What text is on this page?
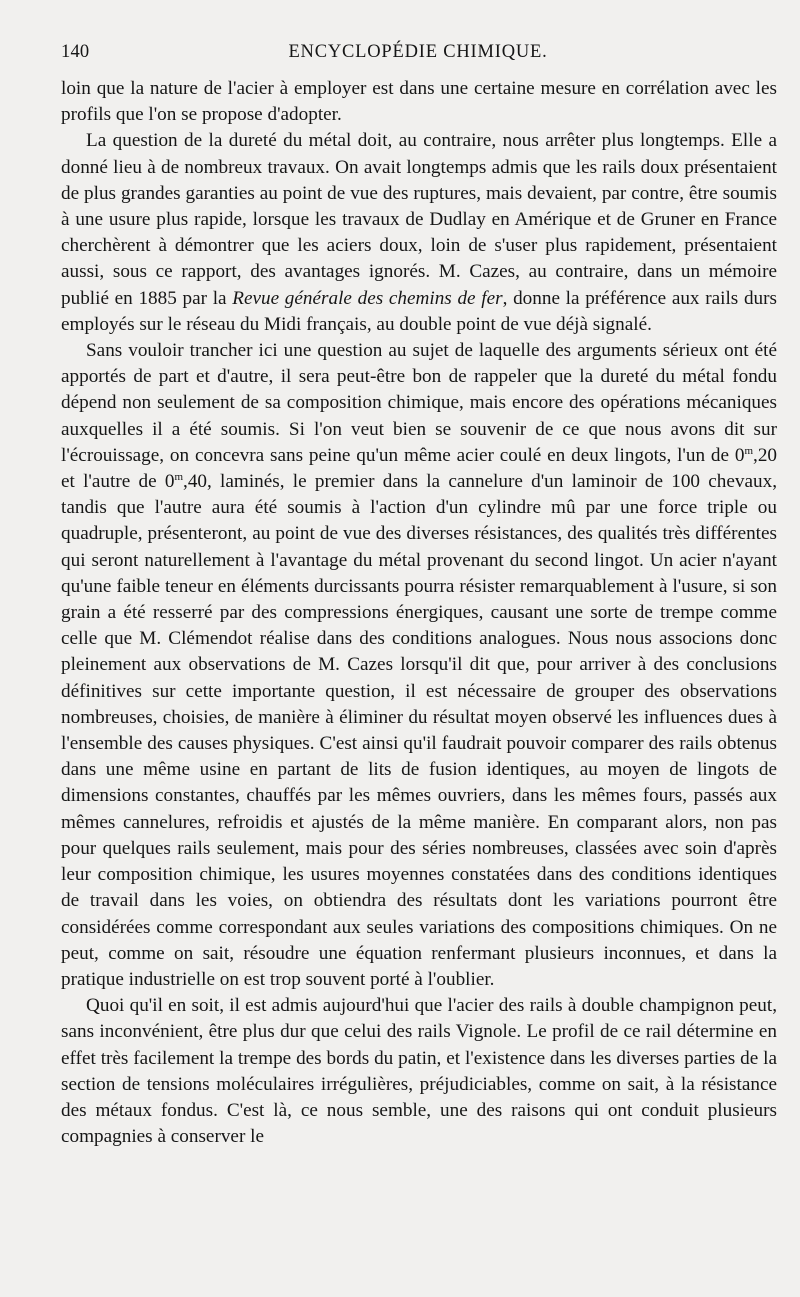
140	ENCYCLOPÉDIE CHIMIQUE.

loin que la nature de l'acier à employer est dans une certaine mesure en corrélation avec les profils que l'on se propose d'adopter.

La question de la dureté du métal doit, au contraire, nous arrêter plus longtemps. Elle a donné lieu à de nombreux travaux. On avait longtemps admis que les rails doux présentaient de plus grandes garanties au point de vue des ruptures, mais devaient, par contre, être soumis à une usure plus rapide, lorsque les travaux de Dudlay en Amérique et de Gruner en France cherchèrent à démontrer que les aciers doux, loin de s'user plus rapidement, présentaient aussi, sous ce rapport, des avantages ignorés. M. Cazes, au contraire, dans un mémoire publié en 1885 par la Revue générale des chemins de fer, donne la préférence aux rails durs employés sur le réseau du Midi français, au double point de vue déjà signalé.

Sans vouloir trancher ici une question au sujet de laquelle des arguments sérieux ont été apportés de part et d'autre, il sera peut-être bon de rappeler que la dureté du métal fondu dépend non seulement de sa composition chimique, mais encore des opérations mécaniques auxquelles il a été soumis. Si l'on veut bien se souvenir de ce que nous avons dit sur l'écrouissage, on concevra sans peine qu'un même acier coulé en deux lingots, l'un de 0$^m$,20 et l'autre de 0$^m$,40, laminés, le premier dans la cannelure d'un laminoir de 100 chevaux, tandis que l'autre aura été soumis à l'action d'un cylindre mû par une force triple ou quadruple, présenteront, au point de vue des diverses résistances, des qualités très différentes qui seront naturellement à l'avantage du métal provenant du second lingot. Un acier n'ayant qu'une faible teneur en éléments durcissants pourra résister remarquablement à l'usure, si son grain a été resserré par des compressions énergiques, causant une sorte de trempe comme celle que M. Clémendot réalise dans des conditions analogues. Nous nous associons donc pleinement aux observations de M. Cazes lorsqu'il dit que, pour arriver à des conclusions définitives sur cette importante question, il est nécessaire de grouper des observations nombreuses, choisies, de manière à éliminer du résultat moyen observé les influences dues à l'ensemble des causes physiques. C'est ainsi qu'il faudrait pouvoir comparer des rails obtenus dans une même usine en partant de lits de fusion identiques, au moyen de lingots de dimensions constantes, chauffés par les mêmes ouvriers, dans les mêmes fours, passés aux mêmes cannelures, refroidis et ajustés de la même manière. En comparant alors, non pas pour quelques rails seulement, mais pour des séries nombreuses, classées avec soin d'après leur composition chimique, les usures moyennes constatées dans des conditions identiques de travail dans les voies, on obtiendra des résultats dont les variations pourront être considérées comme correspondant aux seules variations des compositions chimiques. On ne peut, comme on sait, résoudre une équation renfermant plusieurs inconnues, et dans la pratique industrielle on est trop souvent porté à l'oublier.

Quoi qu'il en soit, il est admis aujourd'hui que l'acier des rails à double champignon peut, sans inconvénient, être plus dur que celui des rails Vignole. Le profil de ce rail détermine en effet très facilement la trempe des bords du patin, et l'existence dans les diverses parties de la section de tensions moléculaires irrégulières, préjudiciables, comme on sait, à la résistance des métaux fondus. C'est là, ce nous semble, une des raisons qui ont conduit plusieurs compagnies à conserver le
